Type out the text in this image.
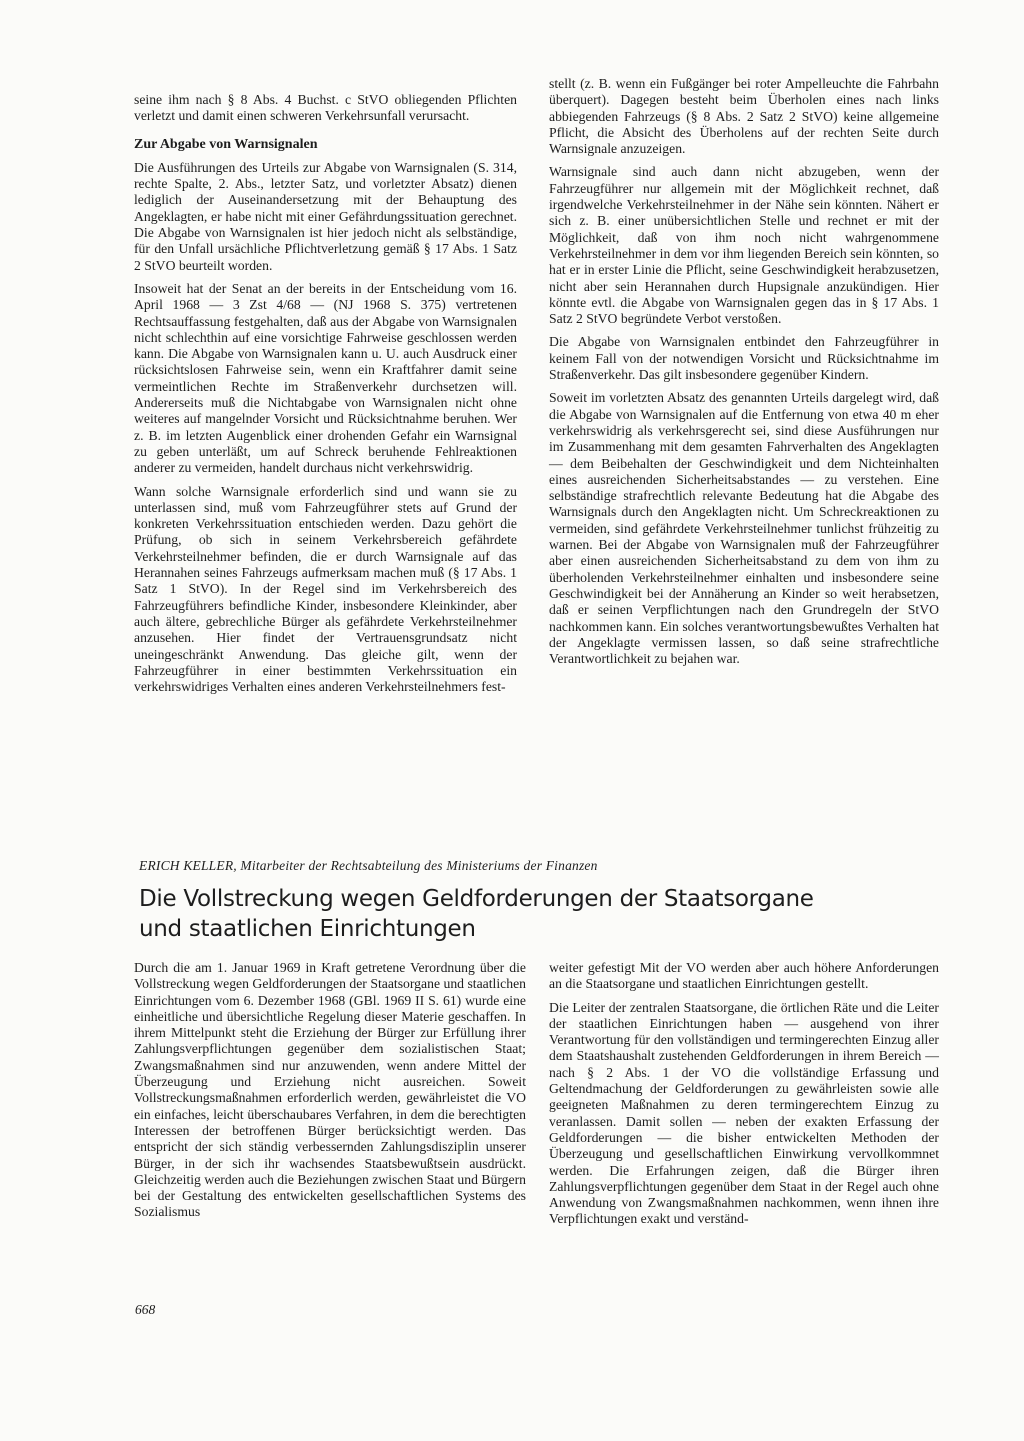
seine ihm nach § 8 Abs. 4 Buchst. c StVO obliegenden Pflichten verletzt und damit einen schweren Verkehrsunfall verursacht.

Zur Abgabe von Warnsignalen

Die Ausführungen des Urteils zur Abgabe von Warnsignalen (S. 314, rechte Spalte, 2. Abs., letzter Satz, und vorletzter Absatz) dienen lediglich der Auseinandersetzung mit der Behauptung des Angeklagten, er habe nicht mit einer Gefährdungssituation gerechnet. Die Abgabe von Warnsignalen ist hier jedoch nicht als selbständige, für den Unfall ursächliche Pflichtverletzung gemäß § 17 Abs. 1 Satz 2 StVO beurteilt worden.

Insoweit hat der Senat an der bereits in der Entscheidung vom 16. April 1968 — 3 Zst 4/68 — (NJ 1968 S. 375) vertretenen Rechtsauffassung festgehalten, daß aus der Abgabe von Warnsignalen nicht schlechthin auf eine vorsichtige Fahrweise geschlossen werden kann. Die Abgabe von Warnsignalen kann u. U. auch Ausdruck einer rücksichtslosen Fahrweise sein, wenn ein Kraftfahrer damit seine vermeintlichen Rechte im Straßenverkehr durchsetzen will. Andererseits muß die Nichtabgabe von Warnsignalen nicht ohne weiteres auf mangelnder Vorsicht und Rücksichtnahme beruhen. Wer z. B. im letzten Augenblick einer drohenden Gefahr ein Warnsignal zu geben unterläßt, um auf Schreck beruhende Fehlreaktionen anderer zu vermeiden, handelt durchaus nicht verkehrswidrig.

Wann solche Warnsignale erforderlich sind und wann sie zu unterlassen sind, muß vom Fahrzeugführer stets auf Grund der konkreten Verkehrssituation entschieden werden. Dazu gehört die Prüfung, ob sich in seinem Verkehrsbereich gefährdete Verkehrsteilnehmer befinden, die er durch Warnsignale auf das Herannahen seines Fahrzeugs aufmerksam machen muß (§ 17 Abs. 1 Satz 1 StVO). In der Regel sind im Verkehrsbereich des Fahrzeugführers befindliche Kinder, insbesondere Kleinkinder, aber auch ältere, gebrechliche Bürger als gefährdete Verkehrsteilnehmer anzusehen. Hier findet der Vertrauensgrundsatz nicht uneingeschränkt Anwendung. Das gleiche gilt, wenn der Fahrzeugführer in einer bestimmten Verkehrssituation ein verkehrswidriges Verhalten eines anderen Verkehrsteilnehmers fest-

stellt (z. B. wenn ein Fußgänger bei roter Ampelleuchte die Fahrbahn überquert). Dagegen besteht beim Überholen eines nach links abbiegenden Fahrzeugs (§ 8 Abs. 2 Satz 2 StVO) keine allgemeine Pflicht, die Absicht des Überholens auf der rechten Seite durch Warnsignale anzuzeigen.

Warnsignale sind auch dann nicht abzugeben, wenn der Fahrzeugführer nur allgemein mit der Möglichkeit rechnet, daß irgendwelche Verkehrsteilnehmer in der Nähe sein könnten. Nähert er sich z. B. einer unübersichtlichen Stelle und rechnet er mit der Möglichkeit, daß von ihm noch nicht wahrgenommene Verkehrsteilnehmer in dem vor ihm liegenden Bereich sein könnten, so hat er in erster Linie die Pflicht, seine Geschwindigkeit herabzusetzen, nicht aber sein Herannahen durch Hupsignale anzukündigen. Hier könnte evtl. die Abgabe von Warnsignalen gegen das in § 17 Abs. 1 Satz 2 StVO begründete Verbot verstoßen.

Die Abgabe von Warnsignalen entbindet den Fahrzeugführer in keinem Fall von der notwendigen Vorsicht und Rücksichtnahme im Straßenverkehr. Das gilt insbesondere gegenüber Kindern.

Soweit im vorletzten Absatz des genannten Urteils dargelegt wird, daß die Abgabe von Warnsignalen auf die Entfernung von etwa 40 m eher verkehrswidrig als verkehrsgerecht sei, sind diese Ausführungen nur im Zusammenhang mit dem gesamten Fahrverhalten des Angeklagten — dem Beibehalten der Geschwindigkeit und dem Nichteinhalten eines ausreichenden Sicherheitsabstandes — zu verstehen. Eine selbständige strafrechtlich relevante Bedeutung hat die Abgabe des Warnsignals durch den Angeklagten nicht. Um Schreckreaktionen zu vermeiden, sind gefährdete Verkehrsteilnehmer tunlichst frühzeitig zu warnen. Bei der Abgabe von Warnsignalen muß der Fahrzeugführer aber einen ausreichenden Sicherheitsabstand zu dem von ihm zu überholenden Verkehrsteilnehmer einhalten und insbesondere seine Geschwindigkeit bei der Annäherung an Kinder so weit herabsetzen, daß er seinen Verpflichtungen nach den Grundregeln der StVO nachkommen kann. Ein solches verantwortungsbewußtes Verhalten hat der Angeklagte vermissen lassen, so daß seine strafrechtliche Verantwortlichkeit zu bejahen war.

ERICH KELLER, Mitarbeiter der Rechtsabteilung des Ministeriums der Finanzen
Die Vollstreckung wegen Geldforderungen der Staatsorgane
und staatlichen Einrichtungen

Durch die am 1. Januar 1969 in Kraft getretene Verordnung über die Vollstreckung wegen Geldforderungen der Staatsorgane und staatlichen Einrichtungen vom 6. Dezember 1968 (GBl. 1969 II S. 61) wurde eine einheitliche und übersichtliche Regelung dieser Materie geschaffen. In ihrem Mittelpunkt steht die Erziehung der Bürger zur Erfüllung ihrer Zahlungsverpflichtungen gegenüber dem sozialistischen Staat; Zwangsmaßnahmen sind nur anzuwenden, wenn andere Mittel der Überzeugung und Erziehung nicht ausreichen. Soweit Vollstreckungsmaßnahmen erforderlich werden, gewährleistet die VO ein einfaches, leicht überschaubares Verfahren, in dem die berechtigten Interessen der betroffenen Bürger berücksichtigt werden. Das entspricht der sich ständig verbessernden Zahlungsdisziplin unserer Bürger, in der sich ihr wachsendes Staatsbewußtsein ausdrückt. Gleichzeitig werden auch die Beziehungen zwischen Staat und Bürgern bei der Gestaltung des entwickelten gesellschaftlichen Systems des Sozialismus

weiter gefestigt Mit der VO werden aber auch höhere Anforderungen an die Staatsorgane und staatlichen Einrichtungen gestellt.

Die Leiter der zentralen Staatsorgane, die örtlichen Räte und die Leiter der staatlichen Einrichtungen haben — ausgehend von ihrer Verantwortung für den vollständigen und termingerechten Einzug aller dem Staatshaushalt zustehenden Geldforderungen in ihrem Bereich — nach § 2 Abs. 1 der VO die vollständige Erfassung und Geltendmachung der Geldforderungen zu gewährleisten sowie alle geeigneten Maßnahmen zu deren termingerechtem Einzug zu veranlassen. Damit sollen — neben der exakten Erfassung der Geldforderungen — die bisher entwickelten Methoden der Überzeugung und gesellschaftlichen Einwirkung vervollkommnet werden. Die Erfahrungen zeigen, daß die Bürger ihren Zahlungsverpflichtungen gegenüber dem Staat in der Regel auch ohne Anwendung von Zwangsmaßnahmen nachkommen, wenn ihnen ihre Verpflichtungen exakt und verständ-

668
